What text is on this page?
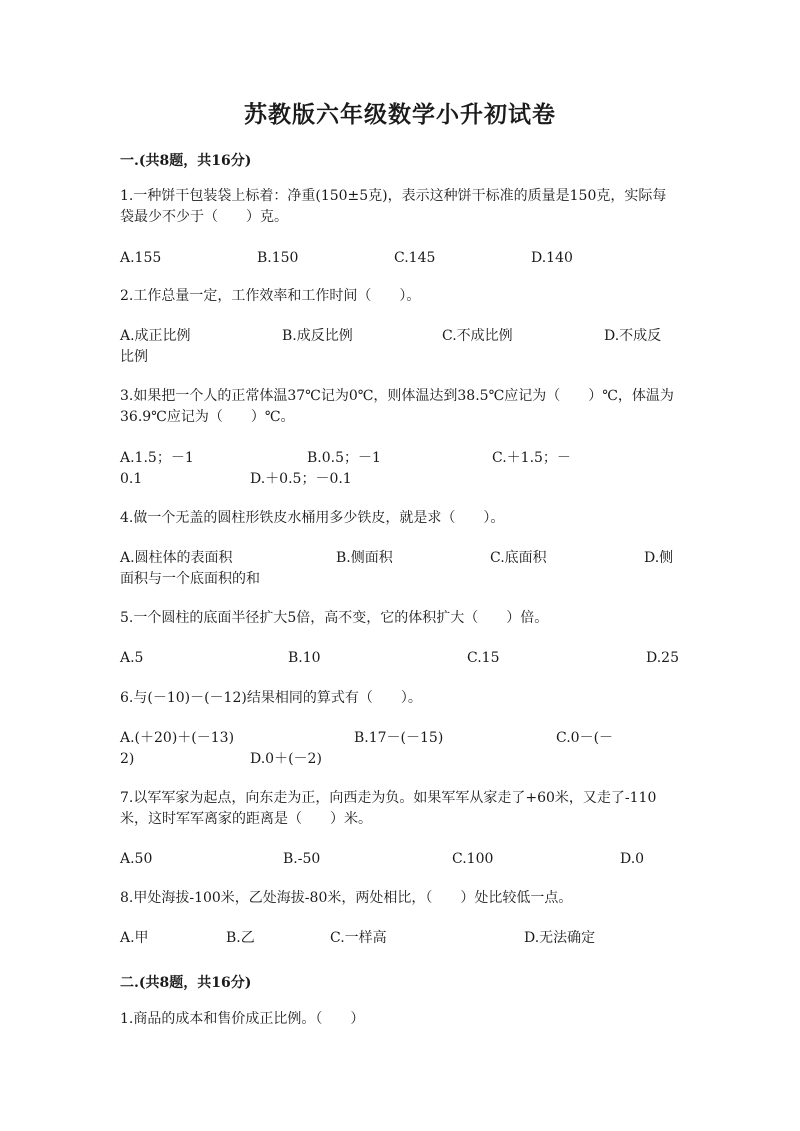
苏教版六年级数学小升初试卷
一.(共8题，共16分)
1.一种饼干包装袋上标着：净重(150±5克)，表示这种饼干标准的质量是150克，实际每袋最少不少于（　　）克。
A.155	B.150	C.145	D.140
2.工作总量一定，工作效率和工作时间（　　）。
A.成正比例	B.成反比例	C.不成比例	D.不成反
比例
3.如果把一个人的正常体温37℃记为0℃，则体温达到38.5℃应记为（　　）℃，体温为36.9℃应记为（　　）℃。
A.1.5；－1	B.0.5；－1	C.＋1.5；－
0.1	D.＋0.5；－0.1
4.做一个无盖的圆柱形铁皮水桶用多少铁皮，就是求（　　）。
A.圆柱体的表面积	B.侧面积	C.底面积	D.侧
面积与一个底面积的和
5.一个圆柱的底面半径扩大5倍，高不变，它的体积扩大（　　）倍。
A.5	B.10	C.15	D.25
6.与(－10)－(－12)结果相同的算式有（　　）。
A.(＋20)＋(－13)	B.17－(－15)	C.0－(－
2)	D.0＋(－2)
7.以军军家为起点，向东走为正，向西走为负。如果军军从家走了+60米，又走了-110米，这时军军离家的距离是（　　）米。
A.50	B.-50	C.100	D.0
8.甲处海拔-100米，乙处海拔-80米，两处相比，（　　）处比较低一点。
A.甲	B.乙	C.一样高	D.无法确定
二.(共8题，共16分)
1.商品的成本和售价成正比例。（　　）
